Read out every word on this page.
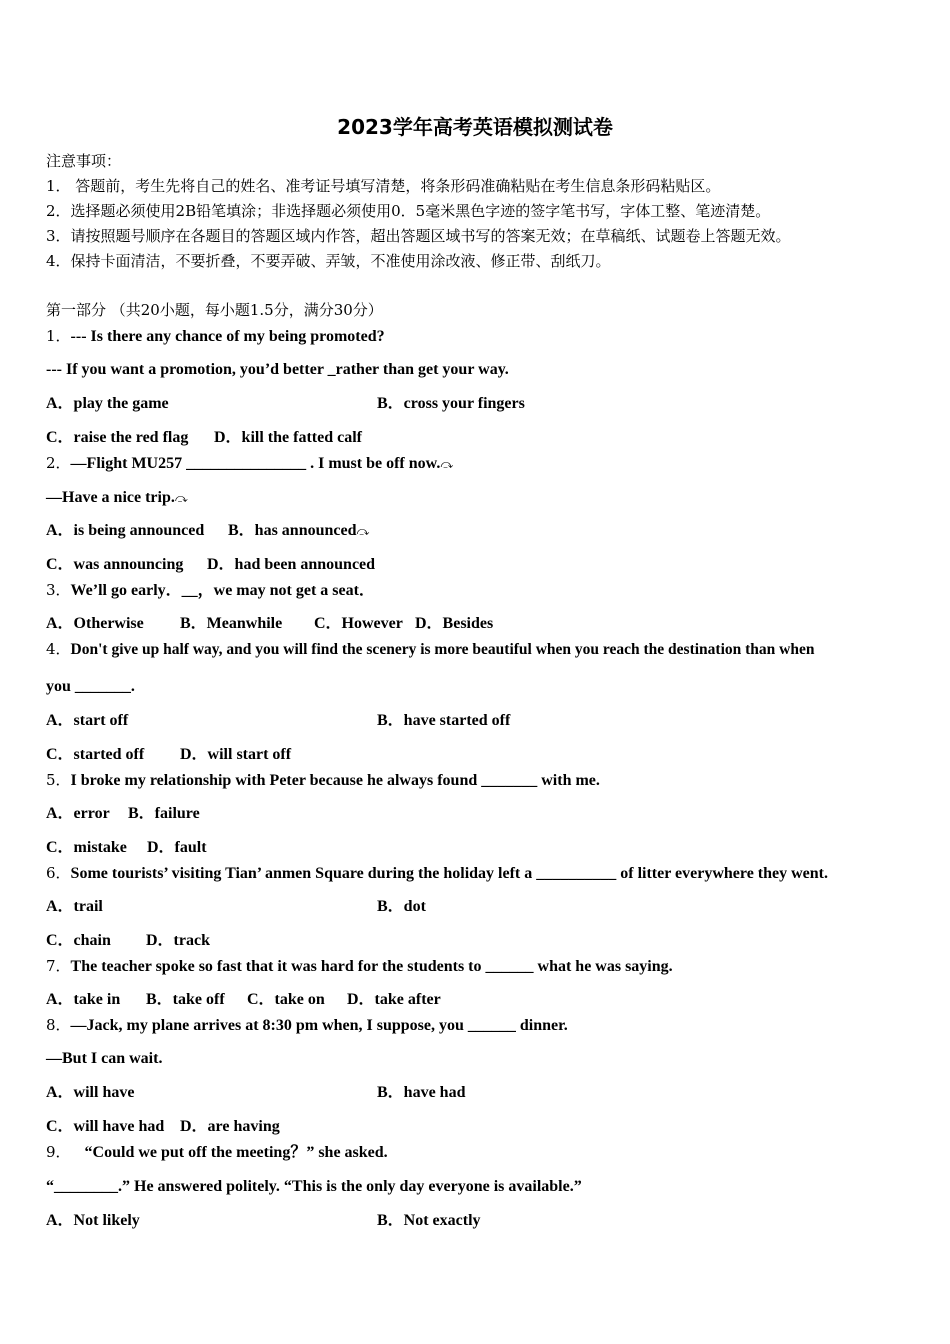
2023学年高考英语模拟测试卷
注意事项：
1． 答题前，考生先将自己的姓名、准考证号填写清楚，将条形码准确粘贴在考生信息条形码粘贴区。
2．选择题必须使用2B铅笔填涂；非选择题必须使用0．5毫米黑色字迹的签字笔书写，字体工整、笔迹清楚。
3．请按照题号顺序在各题目的答题区域内作答，超出答题区域书写的答案无效；在草稿纸、试题卷上答题无效。
4．保持卡面清洁，不要折叠，不要弄破、弄皱，不准使用涂改液、修正带、刮纸刀。
第一部分 （共20小题，每小题1.5分，满分30分）
1．--- Is there any chance of my being promoted?
--- If you want a promotion, you’d better _rather than get your way.
A．play the game	B．cross your fingers
C．raise the red flag D．kill the fatted calf
2．—Flight MU257 _______________ . I must be off now.⤼
—Have a nice trip.⤼
A．is being announced B．has announced⤼
C．was announcing D．had been announced
3．We’ll go early．__，we may not get a seat．
A．Otherwise B．Meanwhile C．However D．Besides
4．Don't give up half way, and you will find the scenery is more beautiful when you reach the destination than when
you _______.
A．start off	B．have started off
C．started off D．will start off
5．I broke my relationship with Peter because he always found _______ with me.
A．error B．failure
C．mistake D．fault
6．Some tourists’ visiting Tian’ anmen Square during the holiday left a __________ of litter everywhere they went.
A．trail	B．dot
C．chain D．track
7．The teacher spoke so fast that it was hard for the students to ______ what he was saying.
A．take in B．take off C．take on D．take after
8．—Jack, my plane arrives at 8:30 pm when, I suppose, you ______ dinner.
—But I can wait.
A．will have	B．have had
C．will have had D．are having
9． “Could we put off the meeting？” she asked.
“________.” He answered politely. “This is the only day everyone is available.”
A．Not likely	B．Not exactly
